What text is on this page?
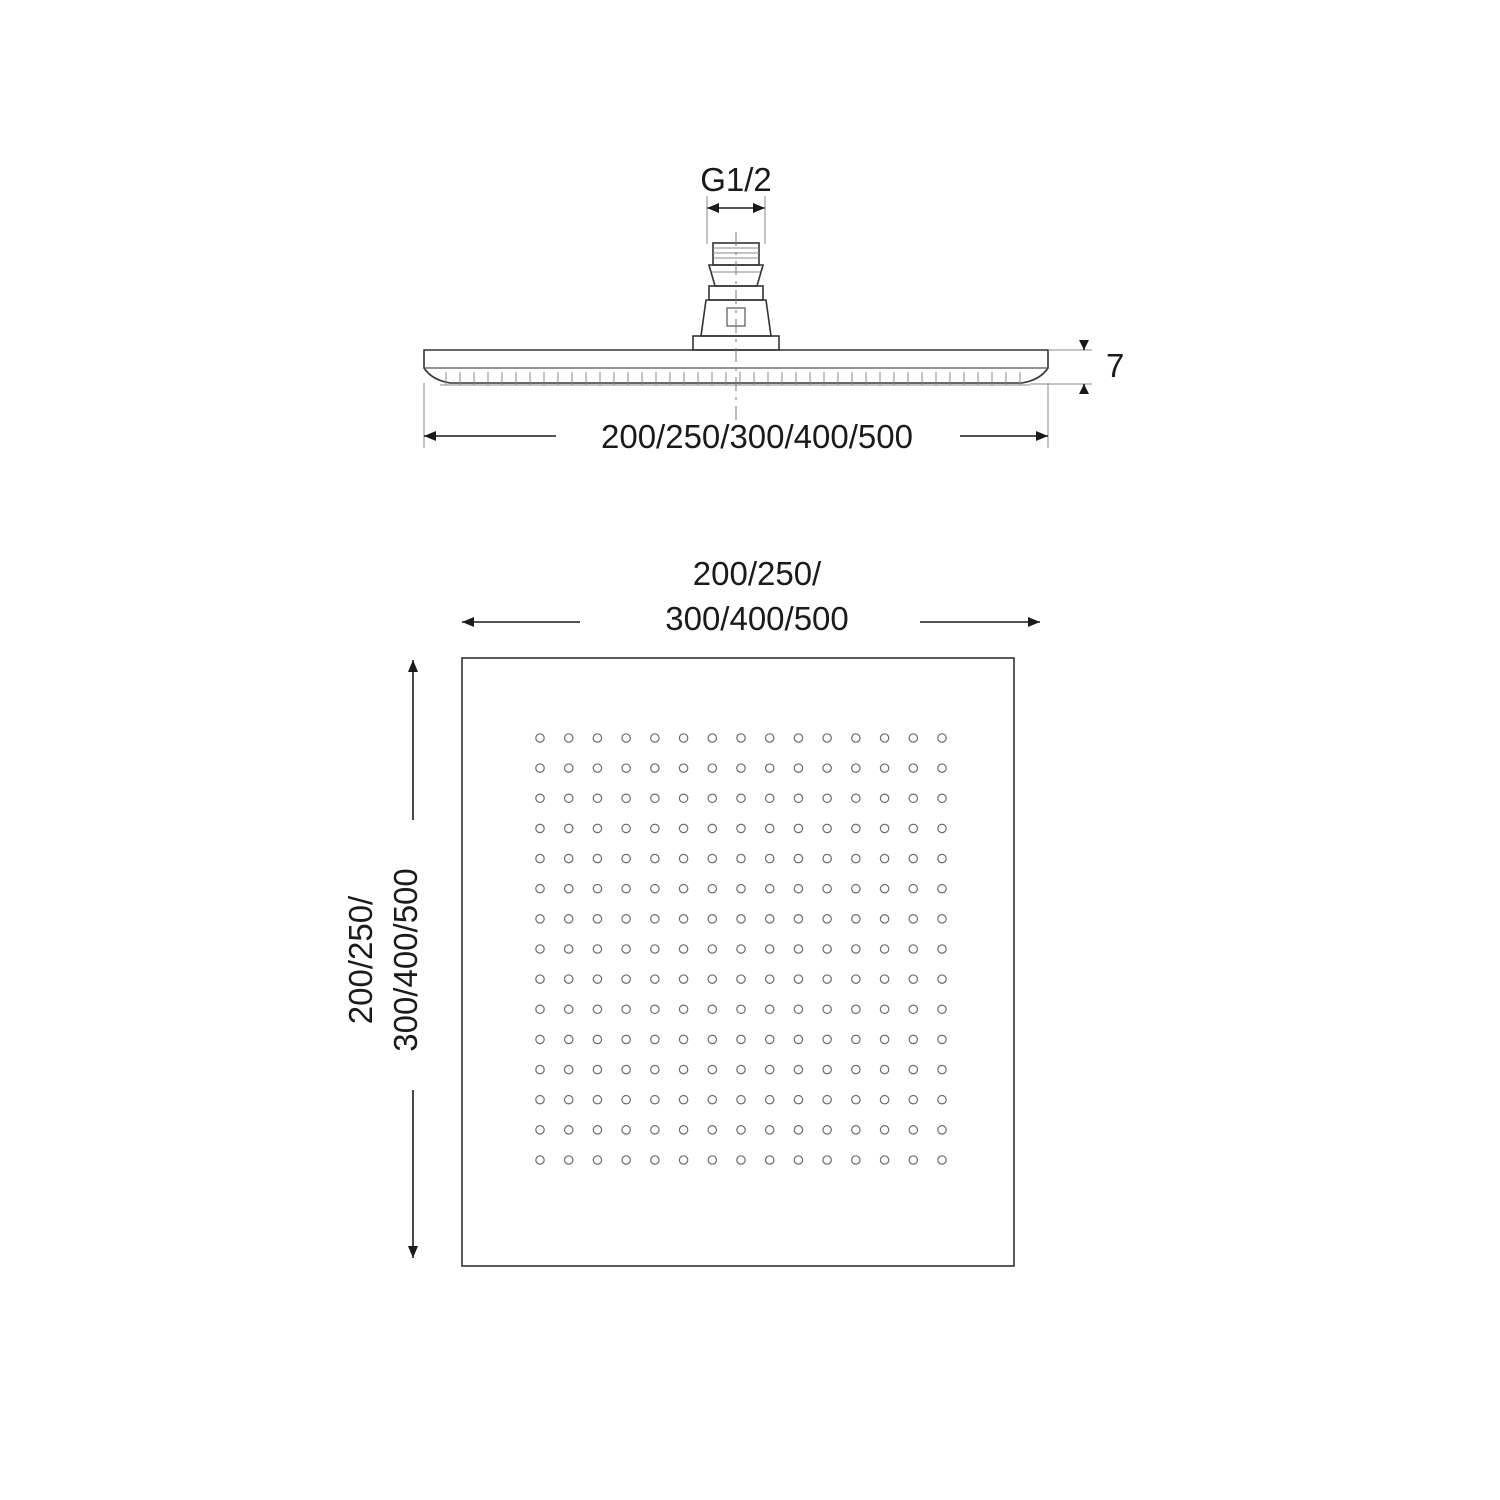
G1/2
7
200/250/300/400/500
200/250/
300/400/500
200/250/ 300/400/500
